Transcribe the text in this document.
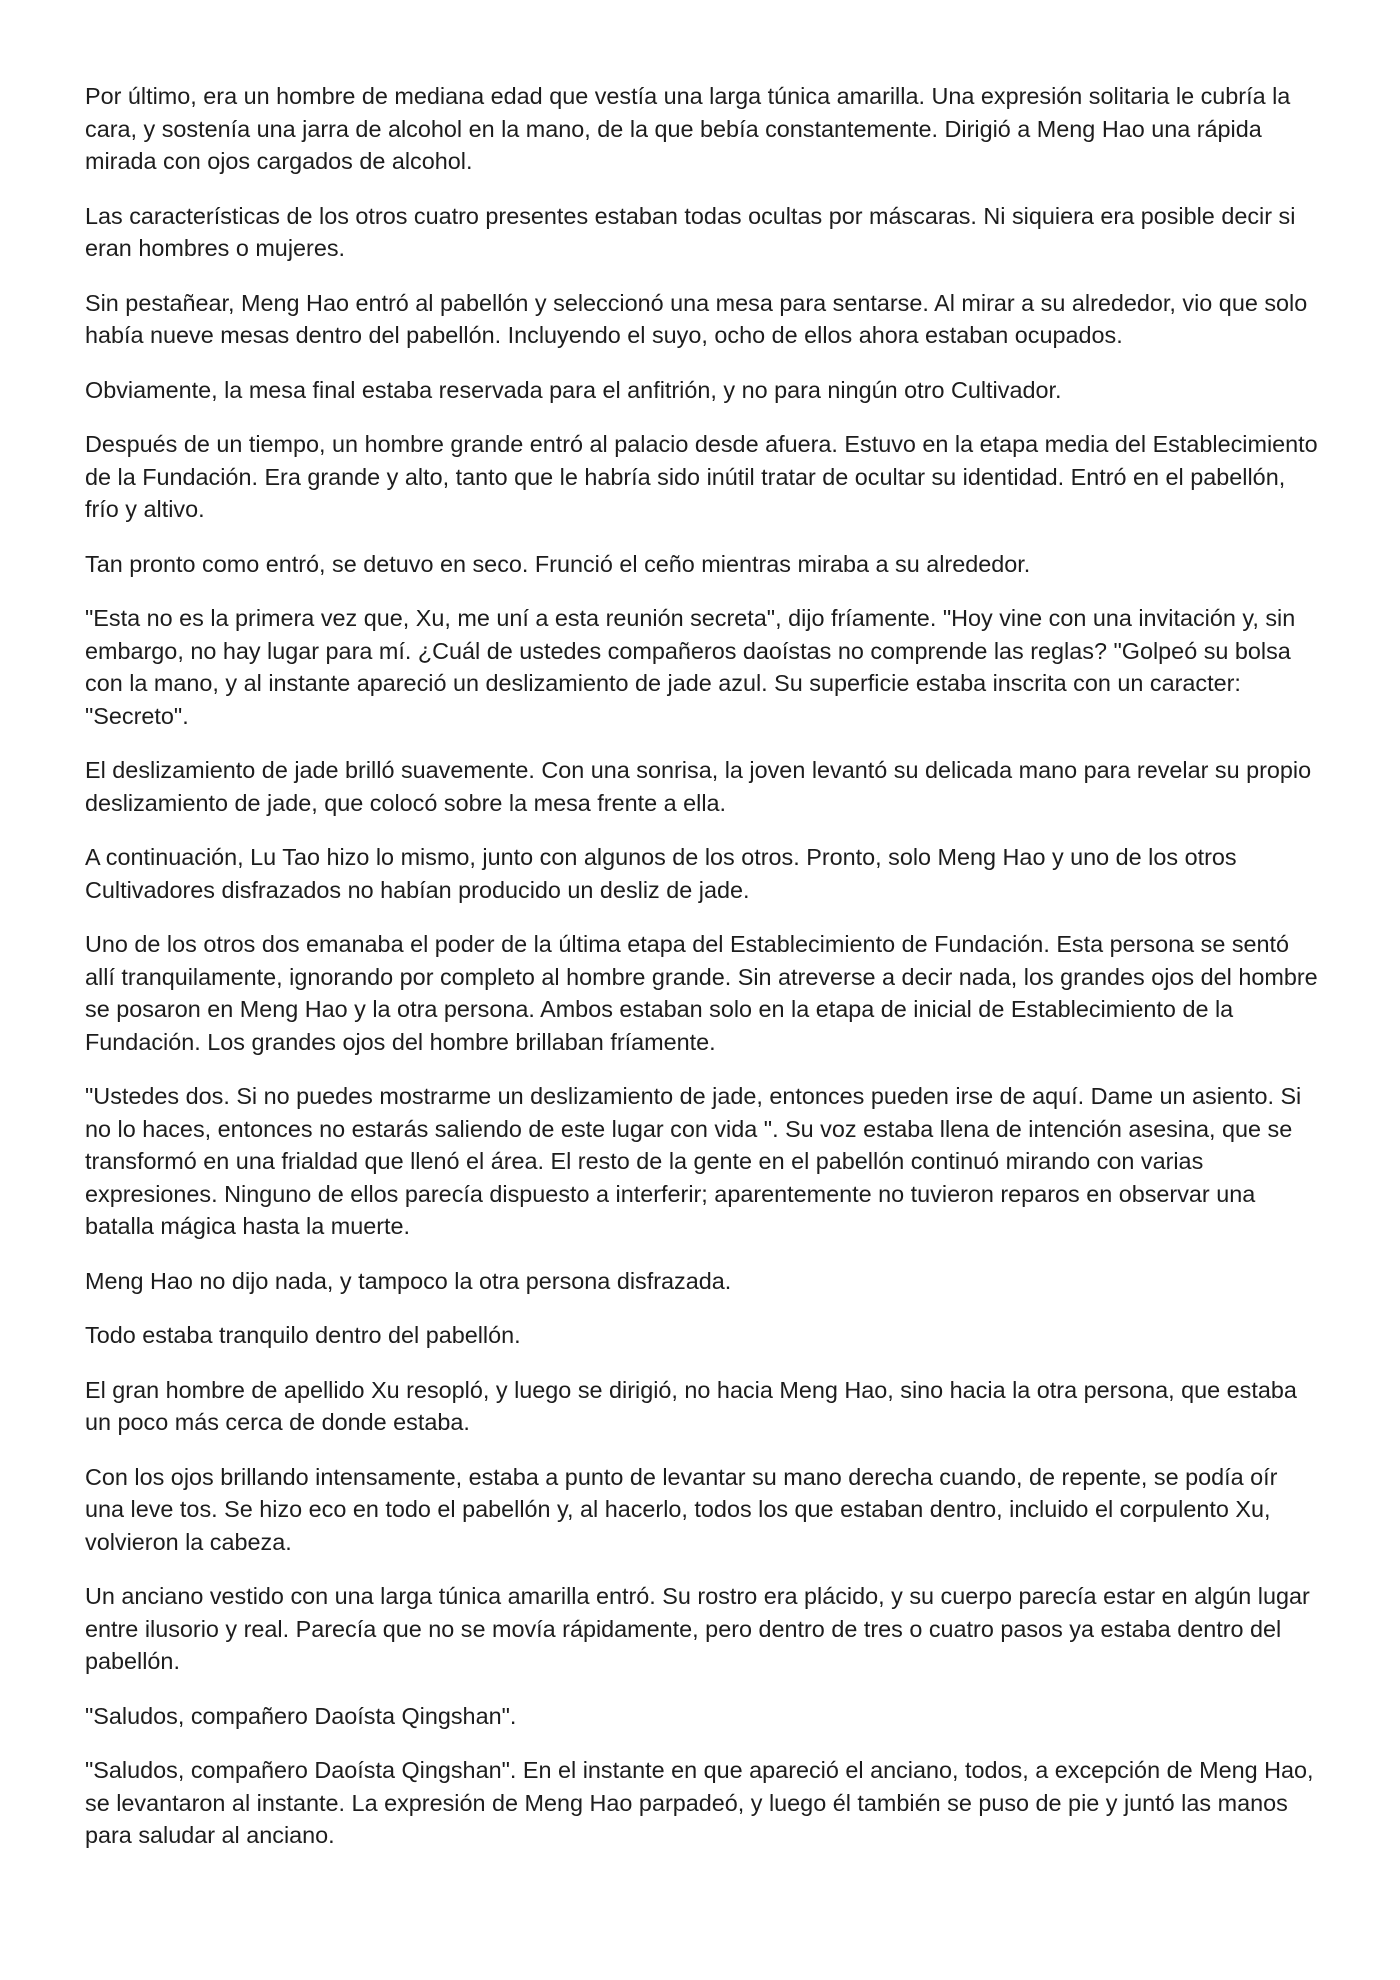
Por último, era un hombre de mediana edad que vestía una larga túnica amarilla. Una expresión solitaria le cubría la cara, y sostenía una jarra de alcohol en la mano, de la que bebía constantemente. Dirigió a Meng Hao una rápida mirada con ojos cargados de alcohol.

Las características de los otros cuatro presentes estaban todas ocultas por máscaras. Ni siquiera era posible decir si eran hombres o mujeres.

Sin pestañear, Meng Hao entró al pabellón y seleccionó una mesa para sentarse. Al mirar a su alrededor, vio que solo había nueve mesas dentro del pabellón. Incluyendo el suyo, ocho de ellos ahora estaban ocupados.

Obviamente, la mesa final estaba reservada para el anfitrión, y no para ningún otro Cultivador.

Después de un tiempo, un hombre grande entró al palacio desde afuera. Estuvo en la etapa media del Establecimiento de la Fundación. Era grande y alto, tanto que le habría sido inútil tratar de ocultar su identidad. Entró en el pabellón, frío y altivo.

Tan pronto como entró, se detuvo en seco. Frunció el ceño mientras miraba a su alrededor.

"Esta no es la primera vez que, Xu, me uní a esta reunión secreta", dijo fríamente. "Hoy vine con una invitación y, sin embargo, no hay lugar para mí. ¿Cuál de ustedes compañeros daoístas no comprende las reglas? "Golpeó su bolsa con la mano, y al instante apareció un deslizamiento de jade azul. Su superficie estaba inscrita con un caracter: "Secreto".

El deslizamiento de jade brilló suavemente. Con una sonrisa, la joven levantó su delicada mano para revelar su propio deslizamiento de jade, que colocó sobre la mesa frente a ella.

A continuación, Lu Tao hizo lo mismo, junto con algunos de los otros. Pronto, solo Meng Hao y uno de los otros Cultivadores disfrazados no habían producido un desliz de jade.

Uno de los otros dos emanaba el poder de la última etapa del Establecimiento de Fundación. Esta persona se sentó allí tranquilamente, ignorando por completo al hombre grande. Sin atreverse a decir nada, los grandes ojos del hombre se posaron en Meng Hao y la otra persona. Ambos estaban solo en la etapa de inicial de Establecimiento de la Fundación. Los grandes ojos del hombre brillaban fríamente.

"Ustedes dos. Si no puedes mostrarme un deslizamiento de jade, entonces pueden irse de aquí. Dame un asiento. Si no lo haces, entonces no estarás saliendo de este lugar con vida ". Su voz estaba llena de intención asesina, que se transformó en una frialdad que llenó el área. El resto de la gente en el pabellón continuó mirando con varias expresiones. Ninguno de ellos parecía dispuesto a interferir; aparentemente no tuvieron reparos en observar una batalla mágica hasta la muerte.

Meng Hao no dijo nada, y tampoco la otra persona disfrazada.

Todo estaba tranquilo dentro del pabellón.

El gran hombre de apellido Xu resopló, y luego se dirigió, no hacia Meng Hao, sino hacia la otra persona, que estaba un poco más cerca de donde estaba.

Con los ojos brillando intensamente, estaba a punto de levantar su mano derecha cuando, de repente, se podía oír una leve tos. Se hizo eco en todo el pabellón y, al hacerlo, todos los que estaban dentro, incluido el corpulento Xu, volvieron la cabeza.

Un anciano vestido con una larga túnica amarilla entró. Su rostro era plácido, y su cuerpo parecía estar en algún lugar entre ilusorio y real. Parecía que no se movía rápidamente, pero dentro de tres o cuatro pasos ya estaba dentro del pabellón.

"Saludos, compañero Daoísta Qingshan".

"Saludos, compañero Daoísta Qingshan". En el instante en que apareció el anciano, todos, a excepción de Meng Hao, se levantaron al instante. La expresión de Meng Hao parpadeó, y luego él también se puso de pie y juntó las manos para saludar al anciano.
